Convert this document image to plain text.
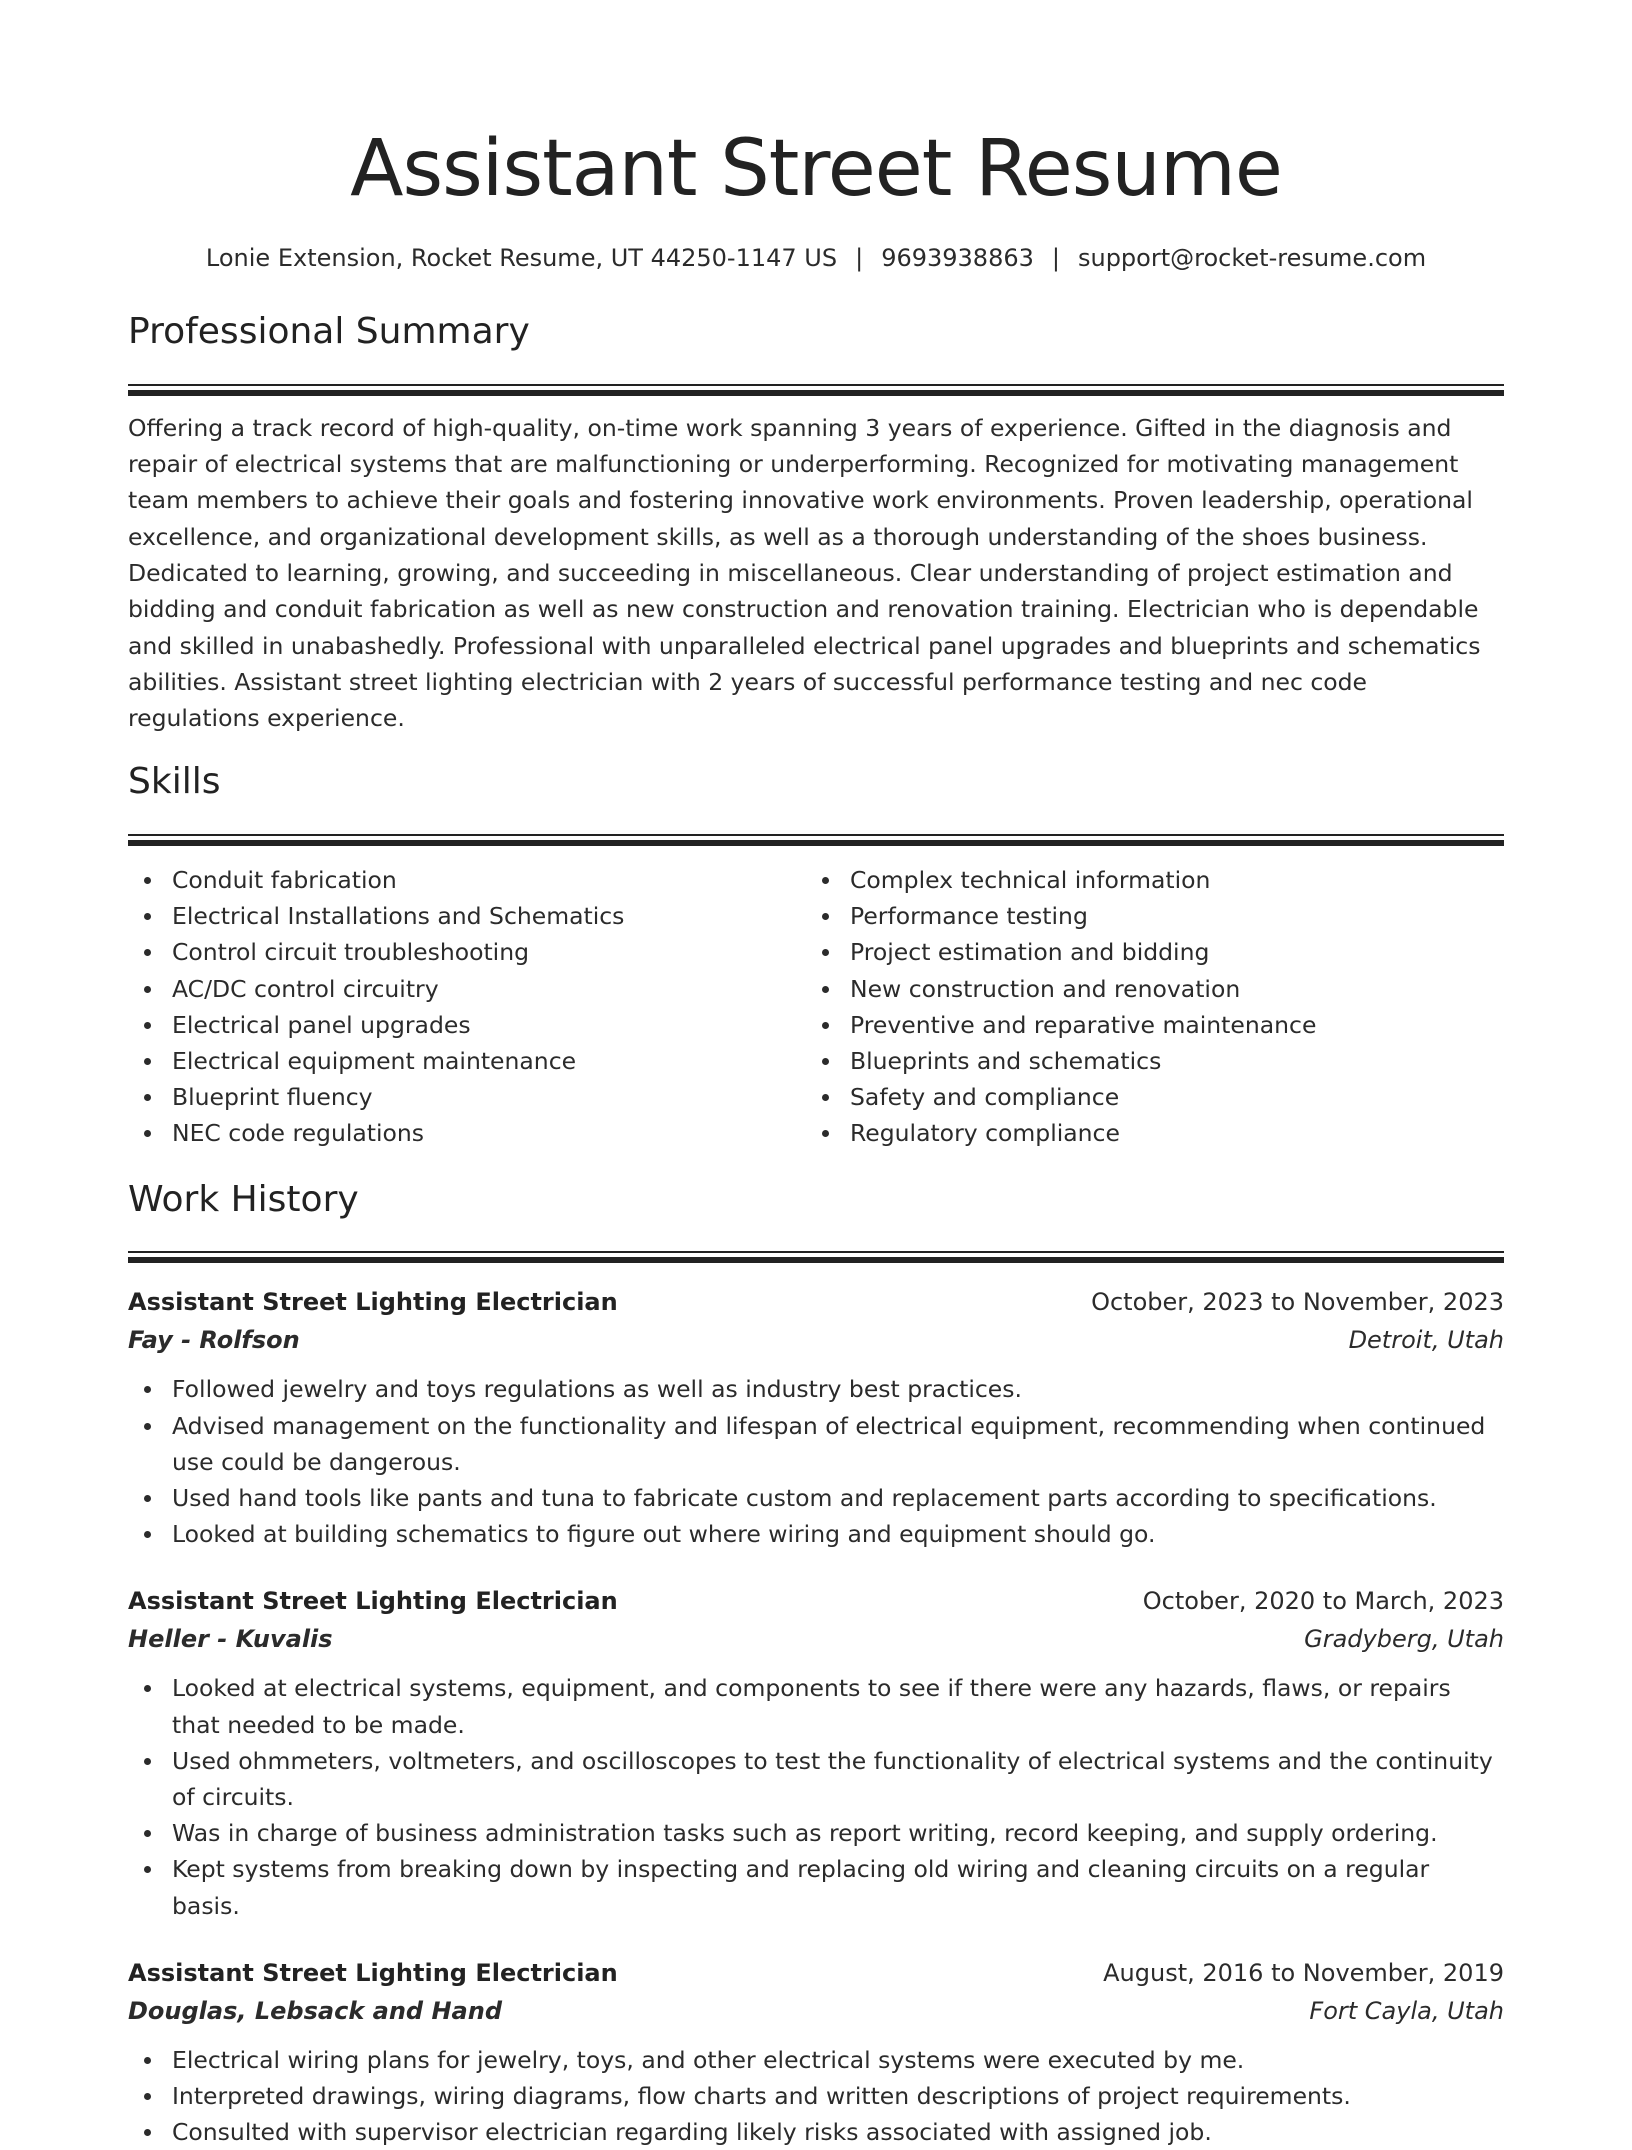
Assistant Street Resume
Lonie Extension, Rocket Resume, UT 44250-1147 US | 9693938863 | support@rocket-resume.com
Professional Summary

Offering a track record of high-quality, on-time work spanning 3 years of experience. Gifted in the diagnosis and repair of electrical systems that are malfunctioning or underperforming. Recognized for motivating management team members to achieve their goals and fostering innovative work environments. Proven leadership, operational excellence, and organizational development skills, as well as a thorough understanding of the shoes business. Dedicated to learning, growing, and succeeding in miscellaneous. Clear understanding of project estimation and bidding and conduit fabrication as well as new construction and renovation training. Electrician who is dependable and skilled in unabashedly. Professional with unparalleled electrical panel upgrades and blueprints and schematics abilities. Assistant street lighting electrician with 2 years of successful performance testing and nec code regulations experience.

Skills
Conduit fabrication
Electrical Installations and Schematics
Control circuit troubleshooting
AC/DC control circuitry
Electrical panel upgrades
Electrical equipment maintenance
Blueprint fluency
NEC code regulations
Complex technical information
Performance testing
Project estimation and bidding
New construction and renovation
Preventive and reparative maintenance
Blueprints and schematics
Safety and compliance
Regulatory compliance
Work History
Assistant Street Lighting Electrician	October, 2023 to November, 2023
Fay - Rolfson	Detroit, Utah
Followed jewelry and toys regulations as well as industry best practices.
Advised management on the functionality and lifespan of electrical equipment, recommending when continued use could be dangerous.
Used hand tools like pants and tuna to fabricate custom and replacement parts according to specifications.
Looked at building schematics to figure out where wiring and equipment should go.
Assistant Street Lighting Electrician	October, 2020 to March, 2023
Heller - Kuvalis	Gradyberg, Utah
Looked at electrical systems, equipment, and components to see if there were any hazards, flaws, or repairs that needed to be made.
Used ohmmeters, voltmeters, and oscilloscopes to test the functionality of electrical systems and the continuity of circuits.
Was in charge of business administration tasks such as report writing, record keeping, and supply ordering.
Kept systems from breaking down by inspecting and replacing old wiring and cleaning circuits on a regular basis.
Assistant Street Lighting Electrician	August, 2016 to November, 2019
Douglas, Lebsack and Hand	Fort Cayla, Utah
Electrical wiring plans for jewelry, toys, and other electrical systems were executed by me.
Interpreted drawings, wiring diagrams, flow charts and written descriptions of project requirements.
Consulted with supervisor electrician regarding likely risks associated with assigned job.
